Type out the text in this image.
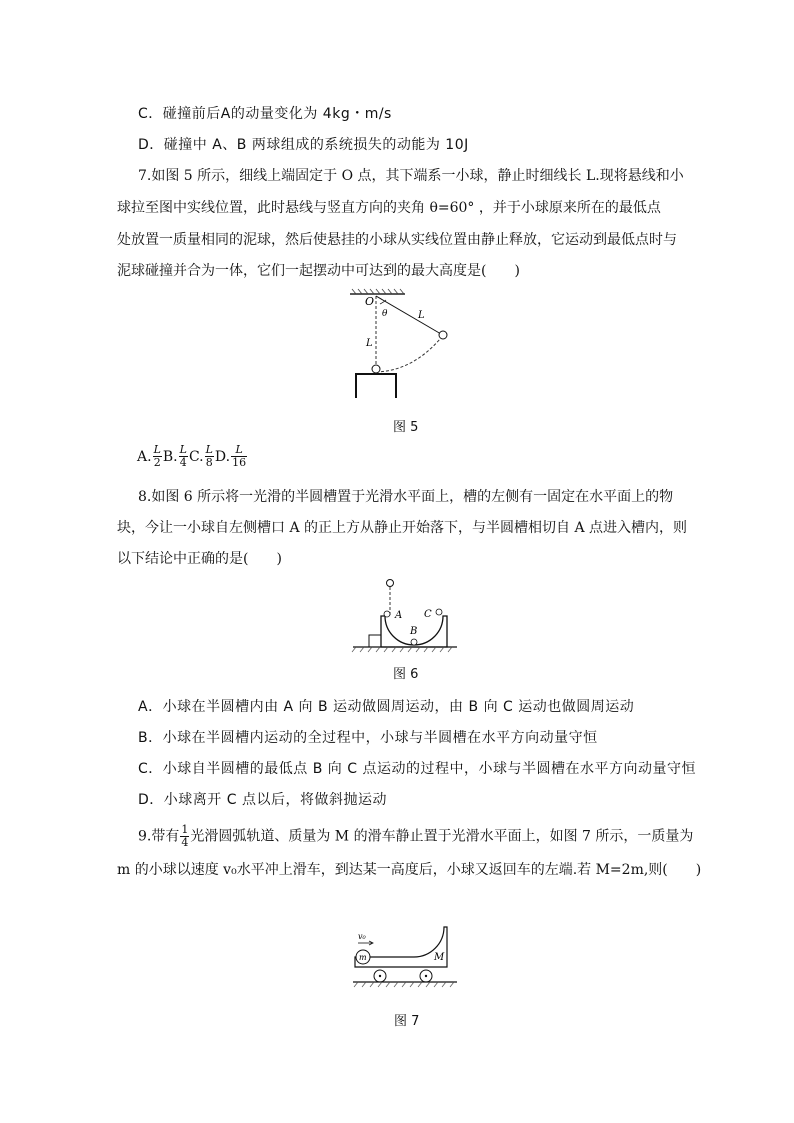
C．碰撞前后A的动量变化为 4kg・m/s
D．碰撞中 A、B 两球组成的系统损失的动能为 10J
7.如图 5 所示，细线上端固定于 O 点，其下端系一小球，静止时细线长 L.现将悬线和小
球拉至图中实线位置，此时悬线与竖直方向的夹角 θ=60° ，并于小球原来所在的最低点
处放置一质量相同的泥球，然后使悬挂的小球从实线位置由静止释放，它运动到最低点时与
泥球碰撞并合为一体，它们一起摆动中可达到的最大高度是(　　)
O
θ	L
L
图 5
A. $\frac{L}{2} B$. $\frac{L}{4} C$. $\frac{L}{8} D$. $\frac{L}{16}$
8.如图 6 所示将一光滑的半圆槽置于光滑水平面上，槽的左侧有一固定在水平面上的物
块，今让一小球自左侧槽口 A 的正上方从静止开始落下，与半圆槽相切自 A 点进入槽内，则
以下结论中正确的是(　　)
A
B
C
图 6
A．小球在半圆槽内由 A 向 B 运动做圆周运动，由 B 向 C 运动也做圆周运动
B．小球在半圆槽内运动的全过程中，小球与半圆槽在水平方向动量守恒
C．小球自半圆槽的最低点 B 向 C 点运动的过程中，小球与半圆槽在水平方向动量守恒
D．小球离开 C 点以后，将做斜抛运动
9.带有 $\frac{1}{4}$ 光滑圆弧轨道、质量为 M 的滑车静止置于光滑水平面上，如图 7 所示，一质量为
m 的小球以速度 v₀水平冲上滑车，到达某一高度后，小球又返回车的左端.若 M=2m,则(　　)
v₀
m	M
图 7
